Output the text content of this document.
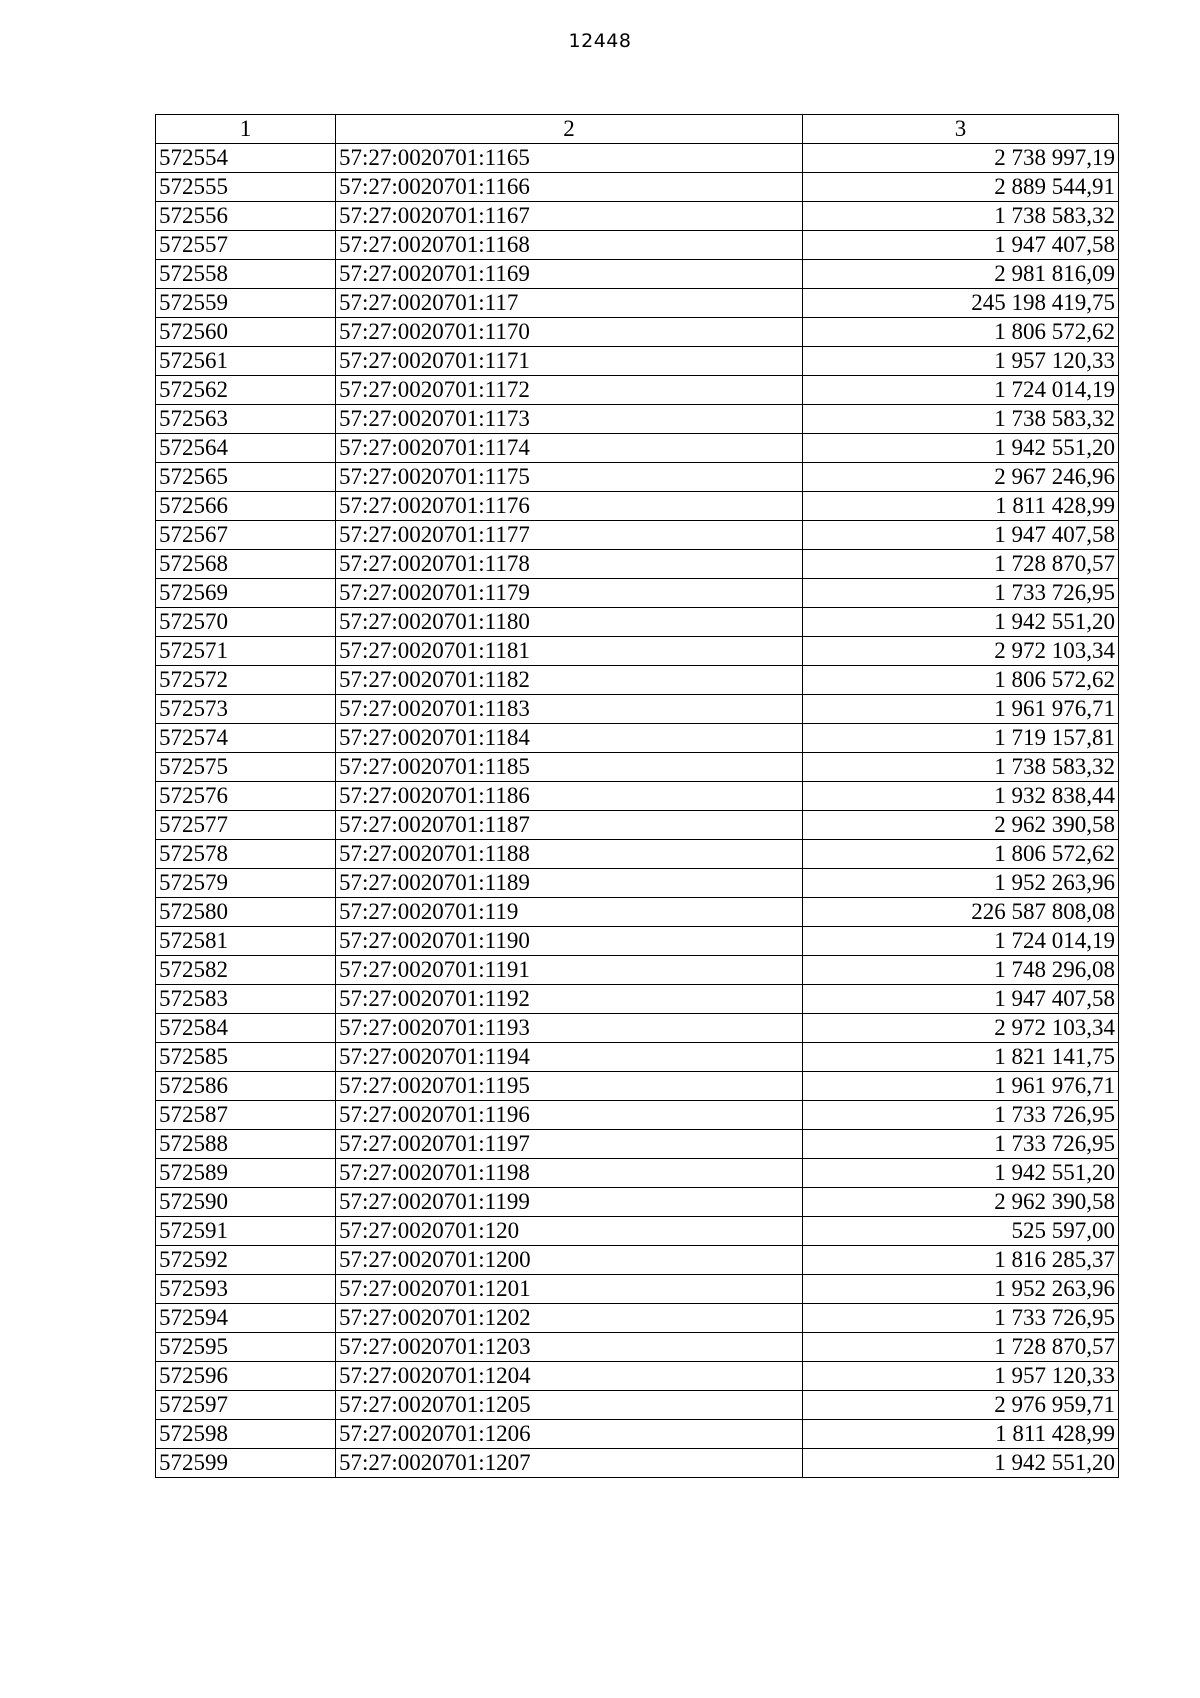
12448
1	2	3
572554	57:27:0020701:1165	2 738 997,19
572555	57:27:0020701:1166	2 889 544,91
572556	57:27:0020701:1167	1 738 583,32
572557	57:27:0020701:1168	1 947 407,58
572558	57:27:0020701:1169	2 981 816,09
572559	57:27:0020701:117	245 198 419,75
572560	57:27:0020701:1170	1 806 572,62
572561	57:27:0020701:1171	1 957 120,33
572562	57:27:0020701:1172	1 724 014,19
572563	57:27:0020701:1173	1 738 583,32
572564	57:27:0020701:1174	1 942 551,20
572565	57:27:0020701:1175	2 967 246,96
572566	57:27:0020701:1176	1 811 428,99
572567	57:27:0020701:1177	1 947 407,58
572568	57:27:0020701:1178	1 728 870,57
572569	57:27:0020701:1179	1 733 726,95
572570	57:27:0020701:1180	1 942 551,20
572571	57:27:0020701:1181	2 972 103,34
572572	57:27:0020701:1182	1 806 572,62
572573	57:27:0020701:1183	1 961 976,71
572574	57:27:0020701:1184	1 719 157,81
572575	57:27:0020701:1185	1 738 583,32
572576	57:27:0020701:1186	1 932 838,44
572577	57:27:0020701:1187	2 962 390,58
572578	57:27:0020701:1188	1 806 572,62
572579	57:27:0020701:1189	1 952 263,96
572580	57:27:0020701:119	226 587 808,08
572581	57:27:0020701:1190	1 724 014,19
572582	57:27:0020701:1191	1 748 296,08
572583	57:27:0020701:1192	1 947 407,58
572584	57:27:0020701:1193	2 972 103,34
572585	57:27:0020701:1194	1 821 141,75
572586	57:27:0020701:1195	1 961 976,71
572587	57:27:0020701:1196	1 733 726,95
572588	57:27:0020701:1197	1 733 726,95
572589	57:27:0020701:1198	1 942 551,20
572590	57:27:0020701:1199	2 962 390,58
572591	57:27:0020701:120	525 597,00
572592	57:27:0020701:1200	1 816 285,37
572593	57:27:0020701:1201	1 952 263,96
572594	57:27:0020701:1202	1 733 726,95
572595	57:27:0020701:1203	1 728 870,57
572596	57:27:0020701:1204	1 957 120,33
572597	57:27:0020701:1205	2 976 959,71
572598	57:27:0020701:1206	1 811 428,99
572599	57:27:0020701:1207	1 942 551,20
